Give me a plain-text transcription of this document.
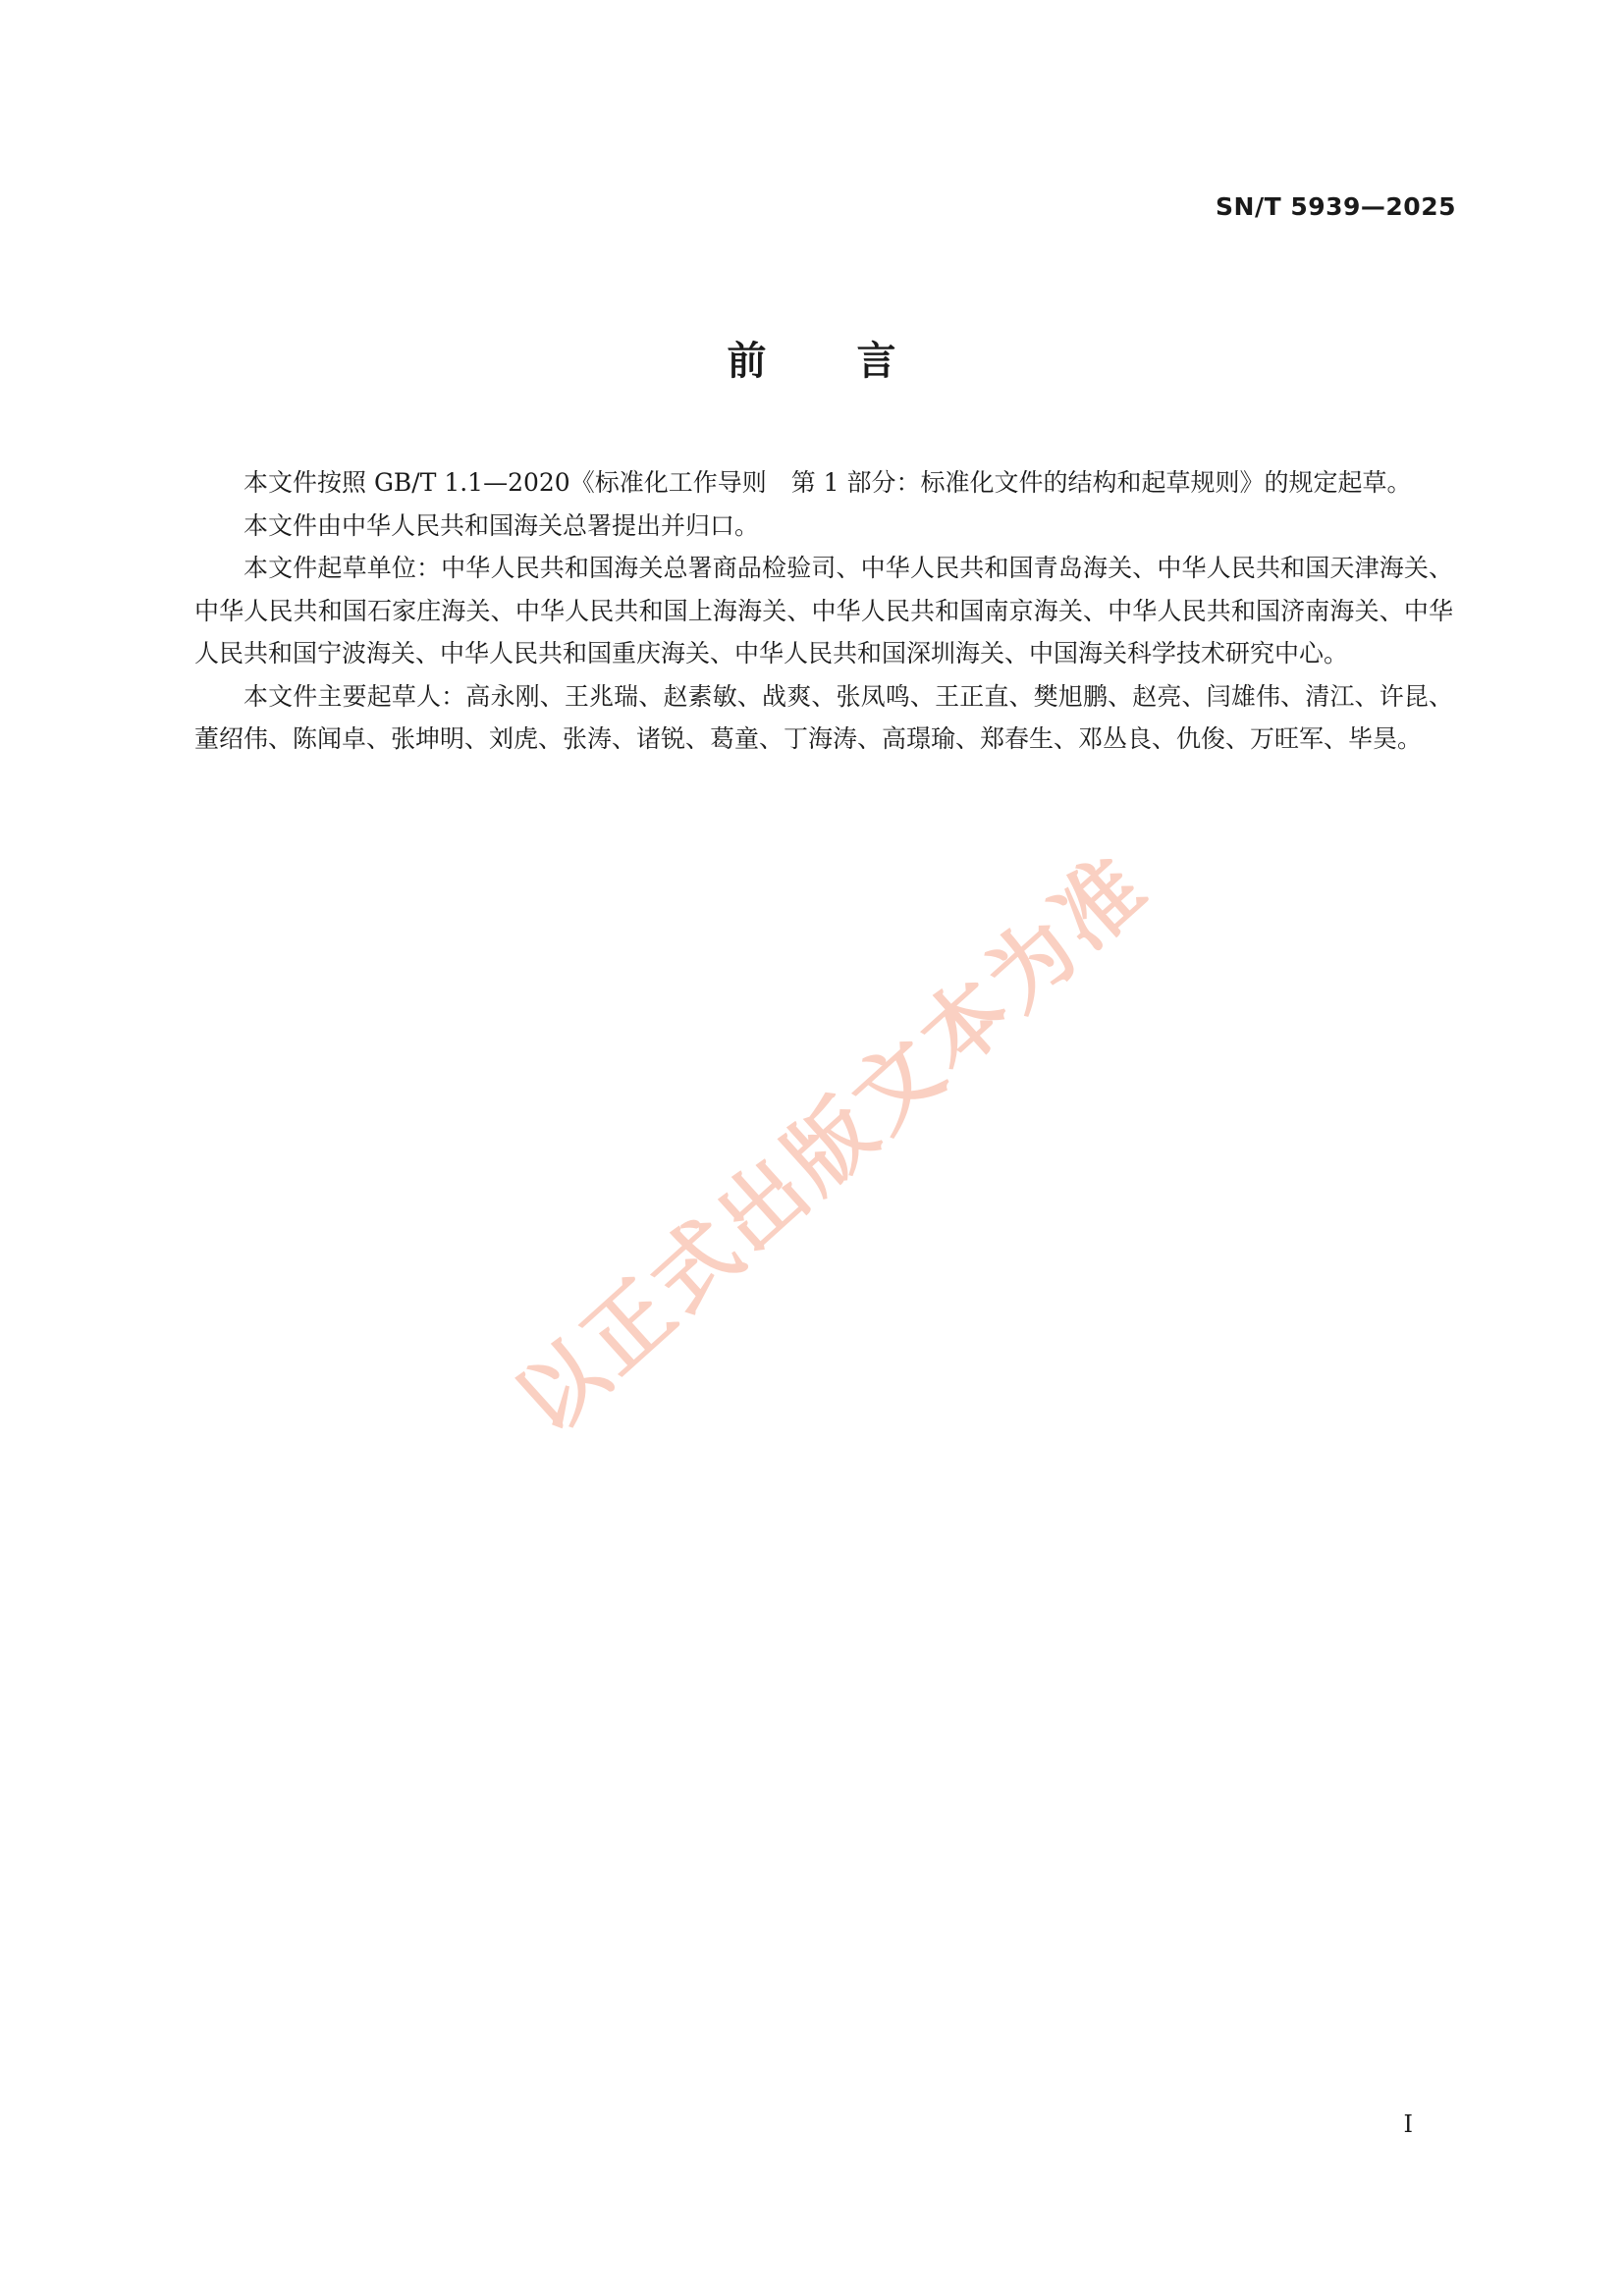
SN/T 5939—2025
前言

本文件按照 GB/T 1.1—2020《标准化工作导则　第 1 部分：标准化文件的结构和起草规则》的规定起草。

本文件由中华人民共和国海关总署提出并归口。

本文件起草单位：中华人民共和国海关总署商品检验司、中华人民共和国青岛海关、中华人民共和国天津海关、中华人民共和国石家庄海关、中华人民共和国上海海关、中华人民共和国南京海关、中华人民共和国济南海关、中华人民共和国宁波海关、中华人民共和国重庆海关、中华人民共和国深圳海关、中国海关科学技术研究中心。

本文件主要起草人：高永刚、王兆瑞、赵素敏、战爽、张凤鸣、王正直、樊旭鹏、赵亮、闫雄伟、清江、许昆、董绍伟、陈闻卓、张坤明、刘虎、张涛、诸锐、葛童、丁海涛、高璟瑜、郑春生、邓丛良、仇俊、万旺军、毕昊。

以正式出版文本为准
I
